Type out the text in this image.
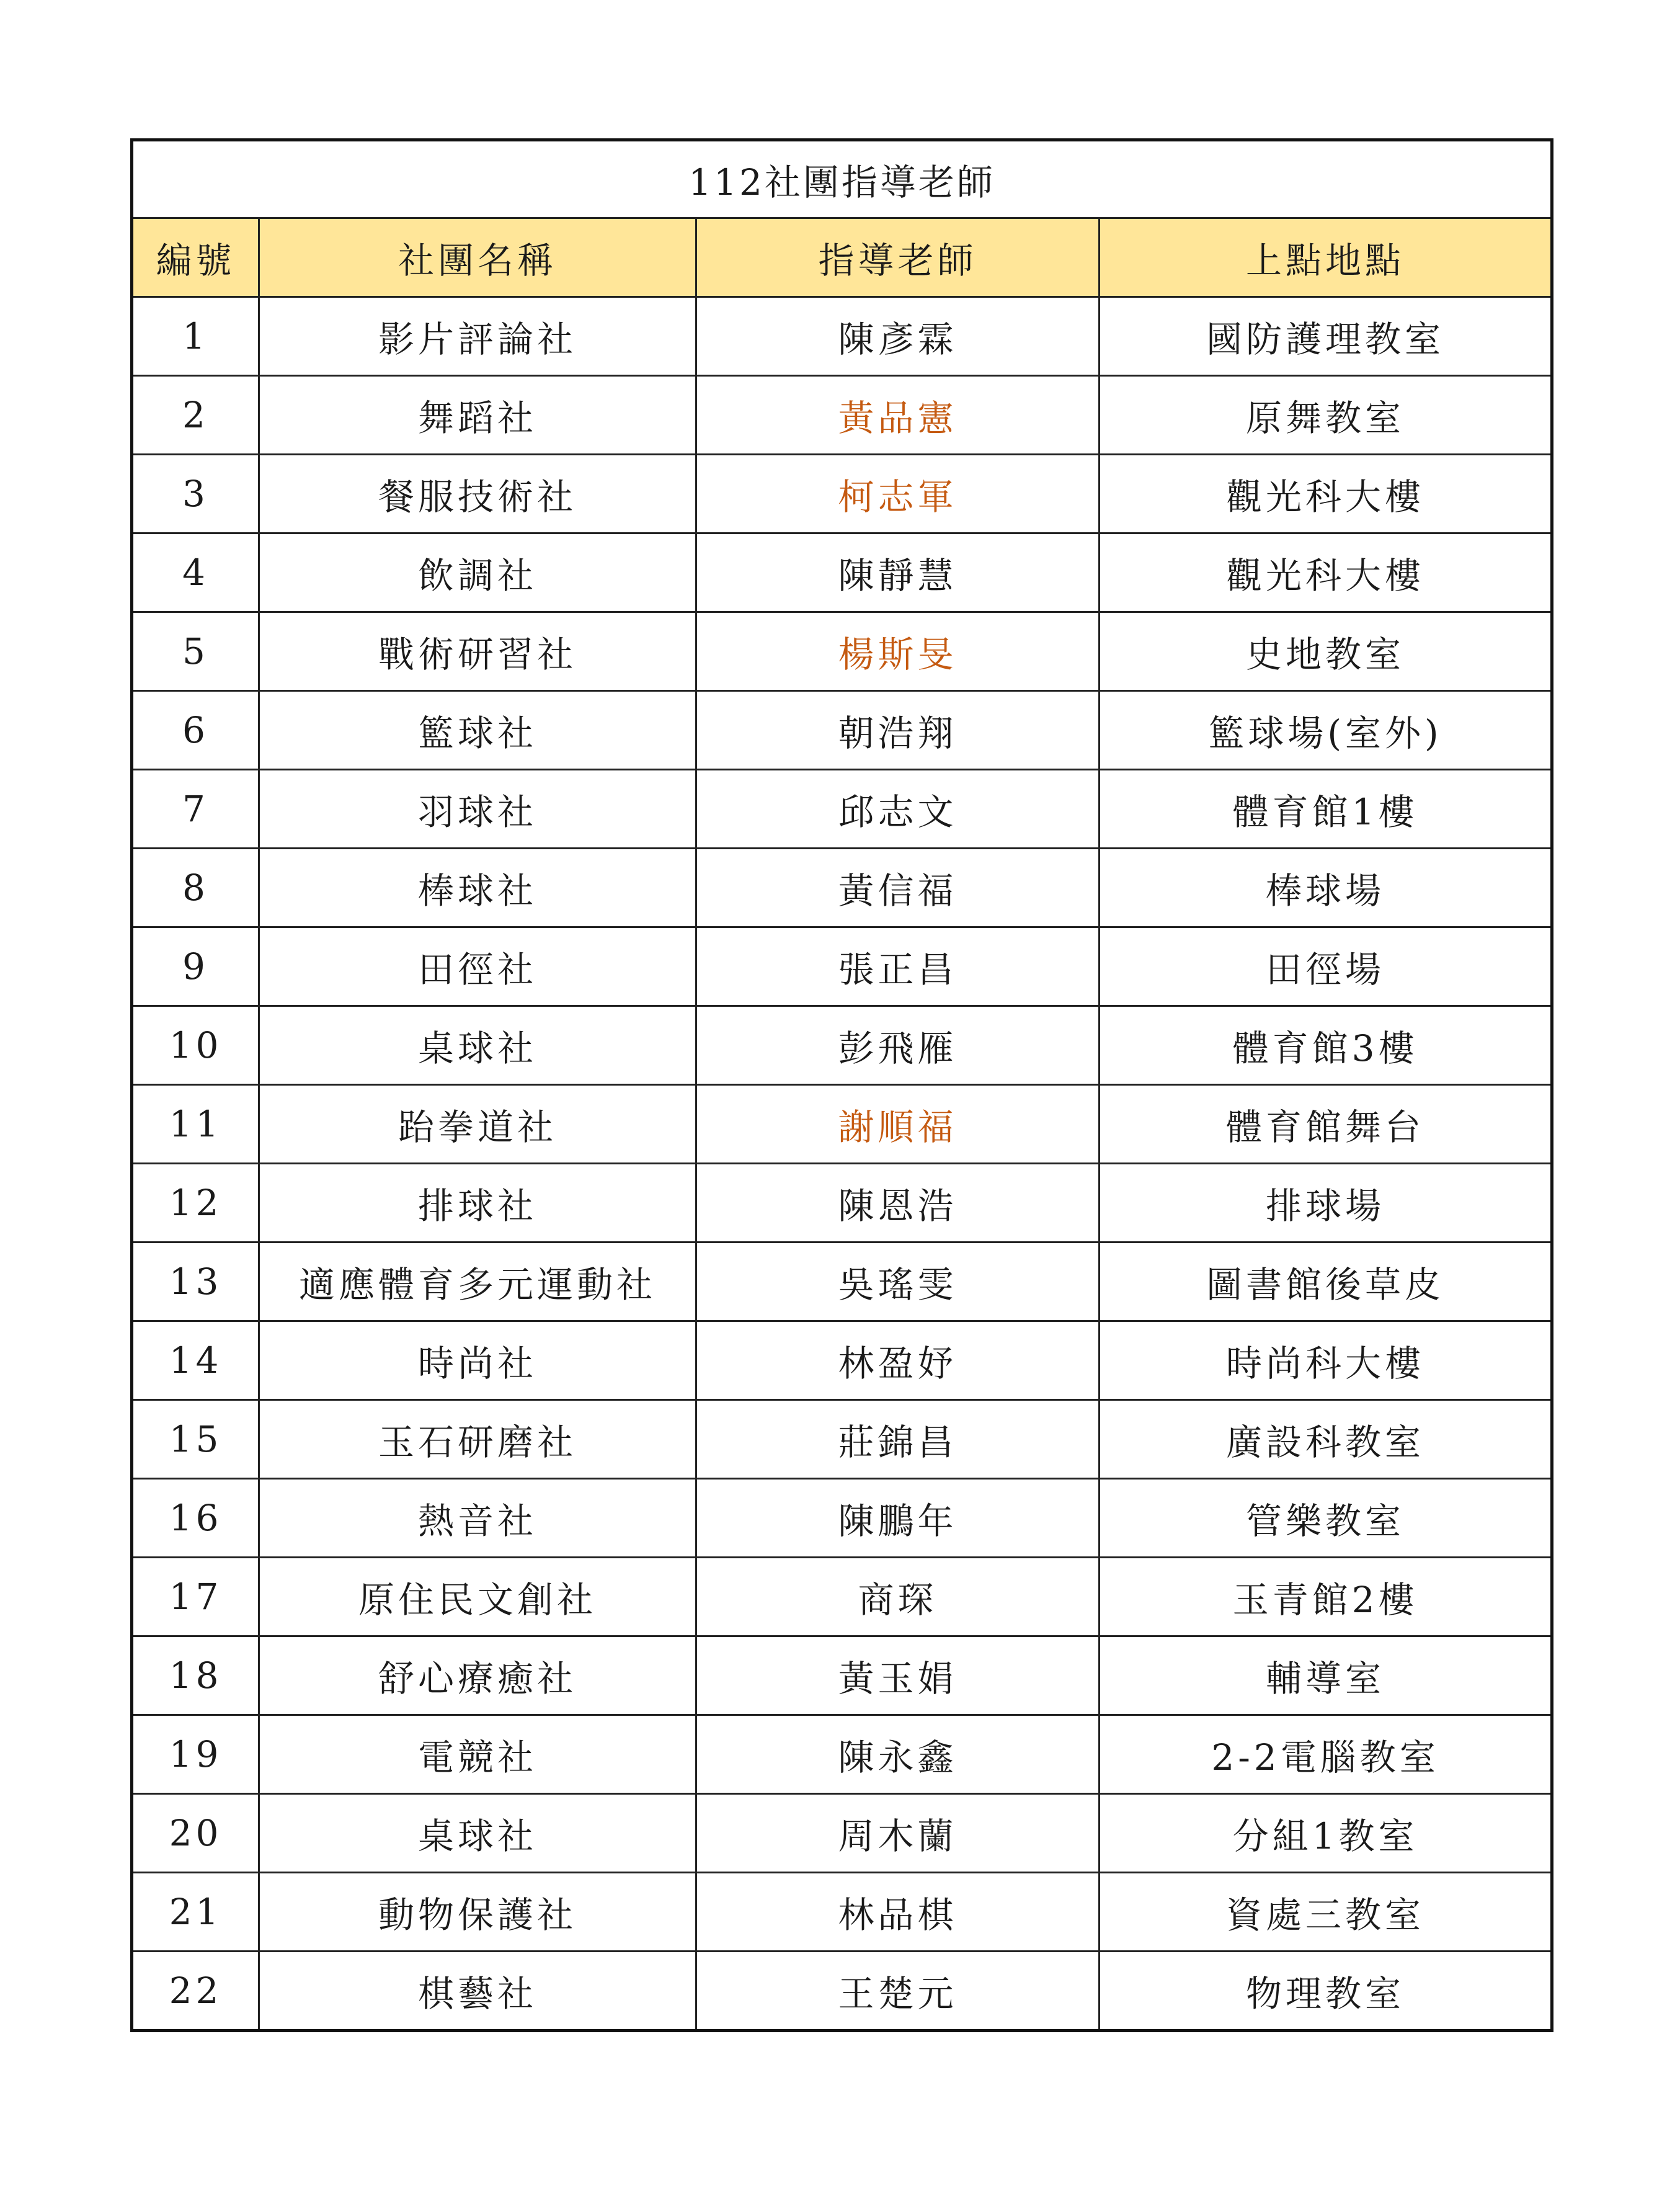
112社團指導老師			
編號	社團名稱	指導老師	上點地點
1	影片評論社	陳彥霖	國防護理教室
2	舞蹈社	黃品憲	原舞教室
3	餐服技術社	柯志軍	觀光科大樓
4	飲調社	陳靜慧	觀光科大樓
5	戰術研習社	楊斯旻	史地教室
6	籃球社	朝浩翔	籃球場(室外)
7	羽球社	邱志文	體育館1樓
8	棒球社	黃信福	棒球場
9	田徑社	張正昌	田徑場
10	桌球社	彭飛雁	體育館3樓
11	跆拳道社	謝順福	體育館舞台
12	排球社	陳恩浩	排球場
13	適應體育多元運動社	吳瑤雯	圖書館後草皮
14	時尚社	林盈妤	時尚科大樓
15	玉石研磨社	莊錦昌	廣設科教室
16	熱音社	陳鵬年	管樂教室
17	原住民文創社	商琛	玉青館2樓
18	舒心療癒社	黃玉娟	輔導室
19	電競社	陳永鑫	2-2電腦教室
20	桌球社	周木蘭	分組1教室
21	動物保護社	林品棋	資處三教室
22	棋藝社	王楚元	物理教室
